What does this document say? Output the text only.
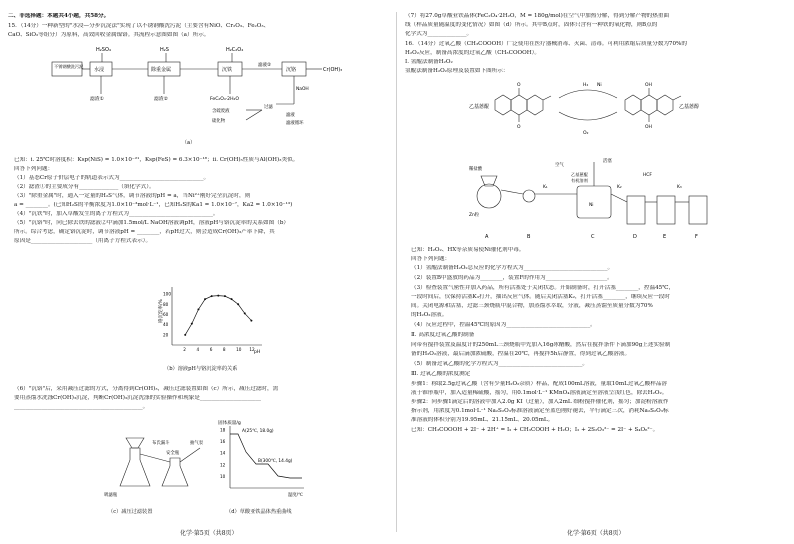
二、非选择题：本题共4小题，共58分。
15．（14分）一种新型的"水浸—分步沉淀法"实现了以不锈钢酸洗污泥（主要含有NiO、Cr₂O₃、Fe₂O₃、
CaO、SiO₂等组分）为原料，高效回收金属镍铬。其流程示意图如图（a）所示。
H₂SO₄	H₂S	H₂C₂O₄
不锈钢酸洗污泥
水浸	除重金属	沉铁
滤液②
沉铬	Cr(OH)₃
滤渣①	滤渣②	FeC₂O₄·2H₂O
NaOH
过滤
含硫废液
硫化物
滤液
滤液循环
（a）
已知：i. 25℃时溶度积：Ksp(NiS) = 1.0×10⁻²¹，Ksp(FeS) = 6.3×10⁻¹⁸；ii. Cr(OH)₃性质与Al(OH)₃类似。
回答下列问题：
（1）基态Cr原子价层电子的轨道表示式为______________________________。
（2）滤渣①的主要成分有______________（填化学式）。
（3）"除重金属"时，通入一定量的H₂S气体，调节溶液的pH = a，当Ni²⁺刚好完全沉淀时，则
a = ________。(已知H₂S的平衡浓度为1.0×10⁻³mol·L⁻¹，已知H₂S的Ka1 = 1.0×10⁻⁷，Ka2 = 1.0×10⁻¹³)
（4）"沉铁"时，加入草酸发生的离子方程式为______________________________。
（5）"沉铬"时，向已除去铁的滤液②中滴加1.5mol/L NaOH溶液调pH，溶液pH与铬沉淀率的关系如图（b）
所示。综合考虑，确定铬沉淀时，调节溶液pH = ________，若pH过大，则会造成Cr(OH)₃产率下降，其
原因是______________________（用离子方程式表示）。
铬沉淀率/%
pH
20
40
60
80
100
2	4	6	8	10 12
（b）溶液pH与铬沉淀率的关系
（6）"沉铬"后，采用减压过滤的方式，分离得到Cr(OH)₃，减压过滤装置如图（c）所示，减压过滤时，需
要用蒸馏水洗涤Cr(OH)₃沉淀，判断Cr(OH)₃沉淀洗涤的实验操作和现象是______________________
______________________________________________。
布氏漏斗	抽气泵
安全瓶
吸滤瓶
（c）减压过滤装置
固体质量/g
18
16
14
12
10
A(25℃, 18.0g)
B(300℃, 14.4g)
温度/℃
（d）草酸亚铁晶体热重曲线
化学·第5页（共8页）
（7）将27.0g草酸亚铁晶体(FeC₂O₄·2H₂O，M = 180g/mol)在空气中加热分解，得到分解产物的热重曲
线（样品质量随温度的变化情况）如图（d）所示。其中B点时，固体只含有一种铁的氧化物，则B点的
化学式为______________。
16．（14分）过氧乙酸（CH₃COOOH）广泛使用在医疗器械消毒、灭菌、清毒。可利用浓缩后质量分数为70%的
H₂O₂反应，制备高浓度的过氧乙酸（CH₃COOOH）。
Ⅰ. 氢醌法制备H₂O₂
氢醌法制备H₂O₂原理及装置如下图所示：
O
O
OH
OH
H₂ Ni
O₂
乙基蒽醌	乙基蒽醇
稀盐酸
Zn粒
乙基蒽醌
有机溶剂
Ni
K₁	K₂	K₃
活塞
HCF
空气
A	B	C	D	E	F
已知：H₂O₂、HX等杂质易使Ni催化剂中毒。
回答下列问题：
（1）氢醌法制备H₂O₂总反应的化学方程式为______________________________。
（2）装置B中盛放的药品为________，装置F的作用为______________________。
（3）检查装置气密性并加入药品，所有活塞处于关闭状态。开始制备时，打开活塞________，控温45℃，
一段时间后，仅保持活塞K₃打开，抽出反应气体。随后关闭活塞K₂，打开活塞________，继续反应一段时
间。关闭电源和活塞，过滤三颈烧瓶中混合物，加蒸馏水萃取，分液，减压蒸馏至质量分数为70%
的H₂O₂溶液。
（4）反应过程中，控温45℃的原因为______________________________。
Ⅱ. 高浓度过氧乙酸的制备
向带有搅拌装置及温度计的250mL三颈烧瓶中先加入16g冰醋酸，然后在搅拌条件下滴加90g上述实验制
备的H₂O₂溶液，最后滴加浓硫酸，控温在20℃，再搅拌5h后静置，得到过氧乙酸溶液。
（5）制备过氧乙酸的化学方程式为______________________________。
Ⅲ. 过氧乙酸的浓度测定
步骤1：称取2.5g过氧乙酸（含有少量H₂O₂杂质）样品，配成100mL溶液，量取10mL过氧乙酸样品溶
液于锥形瓶中，加入适量稀硫酸，摇匀，用0.1mol·L⁻¹ KMnO₄溶液滴定至溶液呈浅红色，除去H₂O₂。
步骤2：向步骤1滴定后的溶液中加入2.0g KI（过量），加入2mL 细粉搅拌催化剂，摇匀；加淀粉溶液作
指示剂，用浓度为0.1mol·L⁻¹ Na₂S₂O₃标准溶液滴定至蓝色刚好褪去，平行滴定三次，消耗Na₂S₂O₃标
准溶液的体积分别为19.95mL、21.15mL、20.05mL。
已知：CH₃COOOH + 2I⁻ + 2H⁺ = I₂ + CH₃COOH + H₂O；I₂ + 2S₂O₃²⁻ = 2I⁻ + S₄O₆²⁻。
化学·第6页（共8页）
